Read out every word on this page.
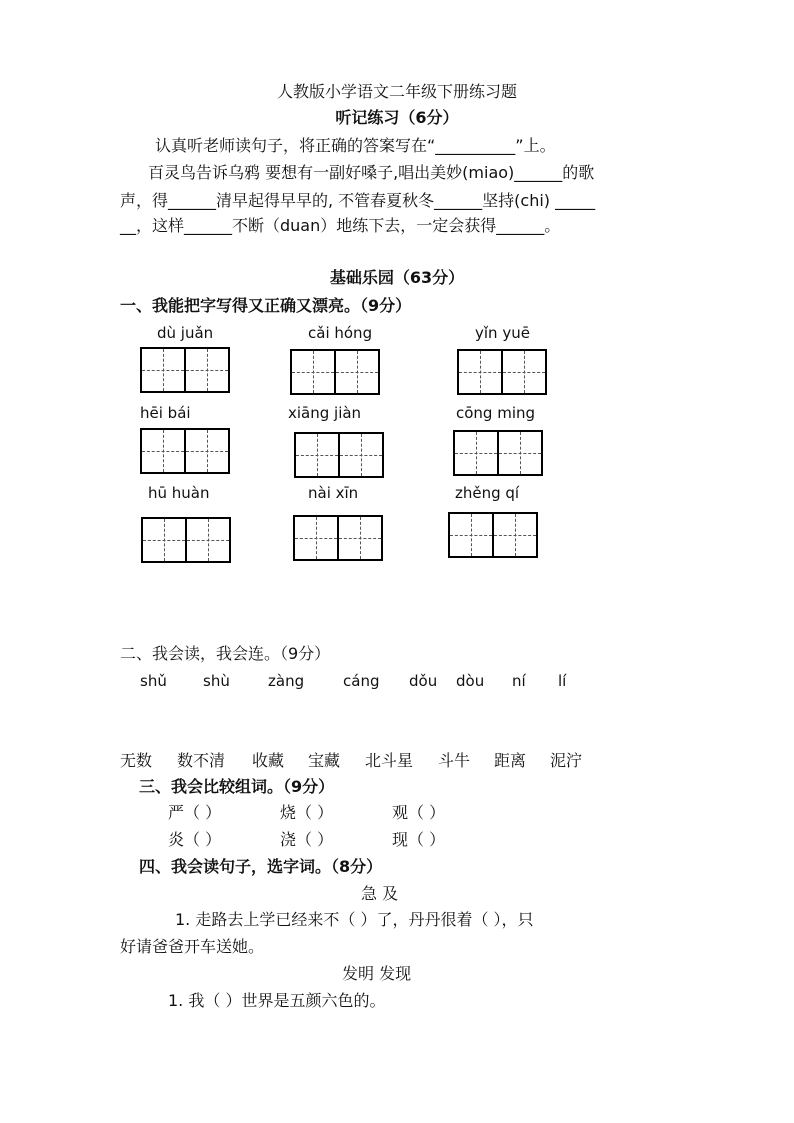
人教版小学语文二年级下册练习题
听记练习（6分）
认真听老师读句子，将正确的答案写在“__________”上。
百灵鸟告诉乌鸦 要想有一副好嗓子,唱出美妙(miao)______的歌
声，得______清早起得早早的, 不管春夏秋冬______坚持(chi) _____
__，这样______不断（duan）地练下去，一定会获得______。
基础乐园（63分）
一、我能把字写得又正确又漂亮。（9分）
dù juǎn	cǎi hóng	yǐn yuē
hēi bái	xiāng jiàn	cōng ming
hū huàn	nài xīn	zhěng qí
二、我会读，我会连。（9分）
shǔ shù	zàng	cáng dǒu dòu ní lí
无数 数不清 收藏 宝藏 北斗星 斗牛 距离 泥泞
三、我会比较组词。（9分）
严（ ）	烧（ ）	观（ ）
炎（ ）	浇（ ）	现（ ）
四、我会读句子，选字词。（8分）
急 及
1. 走路去上学已经来不（ ）了，丹丹很着（ ），只
好请爸爸开车送她。
发明 发现
1. 我（ ）世界是五颜六色的。
